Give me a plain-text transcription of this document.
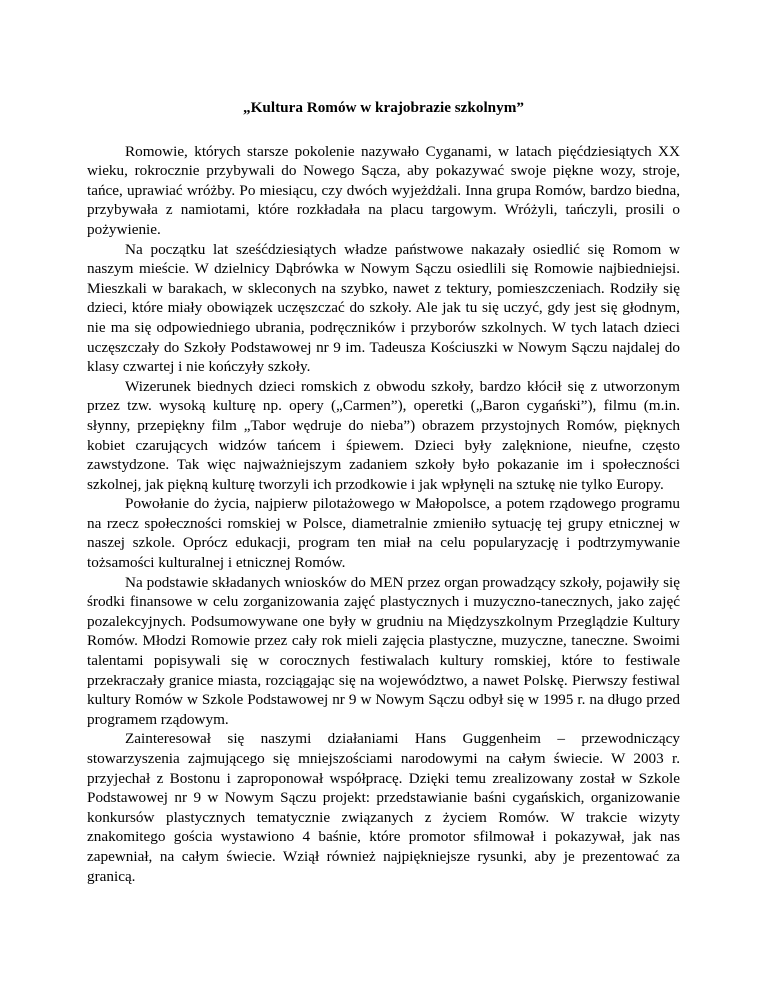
„Kultura Romów w krajobrazie szkolnym”

Romowie, których starsze pokolenie nazywało Cyganami, w latach pięćdziesiątych XX wieku, rokrocznie przybywali do Nowego Sącza, aby pokazywać swoje piękne wozy, stroje, tańce, uprawiać wróżby. Po miesiącu, czy dwóch wyjeżdżali. Inna grupa Romów, bardzo biedna, przybywała z namiotami, które rozkładała na placu targowym. Wróżyli, tańczyli, prosili o pożywienie.

Na początku lat sześćdziesiątych władze państwowe nakazały osiedlić się Romom w naszym mieście. W dzielnicy Dąbrówka w Nowym Sączu osiedlili się Romowie najbiedniejsi. Mieszkali w barakach, w skleconych na szybko, nawet z tektury, pomieszczeniach. Rodziły się dzieci, które miały obowiązek uczęszczać do szkoły. Ale jak tu się uczyć, gdy jest się głodnym, nie ma się odpowiedniego ubrania, podręczników i przyborów szkolnych. W tych latach dzieci uczęszczały do Szkoły Podstawowej nr 9 im. Tadeusza Kościuszki w Nowym Sączu najdalej do klasy czwartej i nie kończyły szkoły.

Wizerunek biednych dzieci romskich z obwodu szkoły, bardzo kłócił się z utworzonym przez tzw. wysoką kulturę np. opery („Carmen”), operetki („Baron cygański”), filmu (m.in. słynny, przepiękny film „Tabor wędruje do nieba”) obrazem przystojnych Romów, pięknych kobiet czarujących widzów tańcem i śpiewem. Dzieci były zalęknione, nieufne, często zawstydzone. Tak więc najważniejszym zadaniem szkoły było pokazanie im i społeczności szkolnej, jak piękną kulturę tworzyli ich przodkowie i jak wpłynęli na sztukę nie tylko Europy.

Powołanie do życia, najpierw pilotażowego w Małopolsce, a potem rządowego programu na rzecz społeczności romskiej w Polsce, diametralnie zmieniło sytuację tej grupy etnicznej w naszej szkole. Oprócz edukacji, program ten miał na celu popularyzację i podtrzymywanie tożsamości kulturalnej i etnicznej Romów.

Na podstawie składanych wniosków do MEN przez organ prowadzący szkoły, pojawiły się środki finansowe w celu zorganizowania zajęć plastycznych i muzyczno-tanecznych, jako zajęć pozalekcyjnych. Podsumowywane one były w grudniu na Międzyszkolnym Przeglądzie Kultury Romów. Młodzi Romowie przez cały rok mieli zajęcia plastyczne, muzyczne, taneczne. Swoimi talentami popisywali się w corocznych festiwalach kultury romskiej, które to festiwale przekraczały granice miasta, rozciągając się na województwo, a nawet Polskę. Pierwszy festiwal kultury Romów w Szkole Podstawowej nr 9 w Nowym Sączu odbył się w 1995 r. na długo przed programem rządowym.

Zainteresował się naszymi działaniami Hans Guggenheim – przewodniczący stowarzyszenia zajmującego się mniejszościami narodowymi na całym świecie. W 2003 r. przyjechał z Bostonu i zaproponował współpracę. Dzięki temu zrealizowany został w Szkole Podstawowej nr 9 w Nowym Sączu projekt: przedstawianie baśni cygańskich, organizowanie konkursów plastycznych tematycznie związanych z życiem Romów. W trakcie wizyty znakomitego gościa wystawiono 4 baśnie, które promotor sfilmował i pokazywał, jak nas zapewniał, na całym świecie. Wziął również najpiękniejsze rysunki, aby je prezentować za granicą.
